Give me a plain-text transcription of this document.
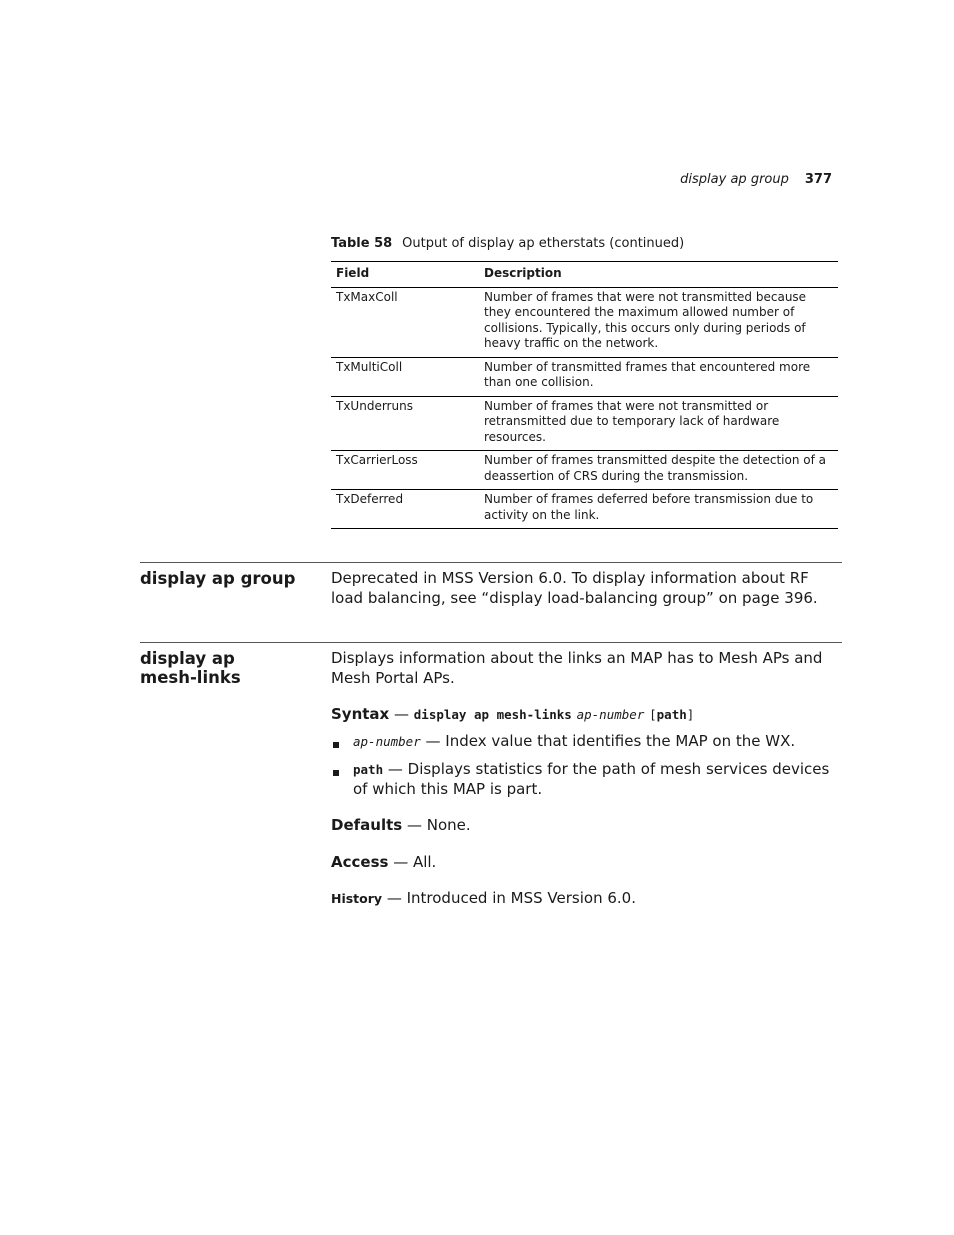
display ap group 377
Table 58 Output of display ap etherstats (continued)
Field	Description
TxMaxColl	Number of frames that were not transmitted because they encountered the maximum allowed number of collisions. Typically, this occurs only during periods of heavy traffic on the network.
TxMultiColl	Number of transmitted frames that encountered more than one collision.
TxUnderruns	Number of frames that were not transmitted or retransmitted due to temporary lack of hardware resources.
TxCarrierLoss	Number of frames transmitted despite the detection of a deassertion of CRS during the transmission.
TxDeferred	Number of frames deferred before transmission due to activity on the link.
display ap group	Deprecated in MSS Version 6.0. To display information about RF load balancing, see “display load-balancing group” on page 396.
display ap
mesh-links
Displays information about the links an MAP has to Mesh APs and Mesh Portal APs.
Syntax — display ap mesh-links ap-number [path]
ap-number — Index value that identifies the MAP on the WX.
path — Displays statistics for the path of mesh services devices of which this MAP is part.
Defaults — None.
Access — All.
History — Introduced in MSS Version 6.0.
